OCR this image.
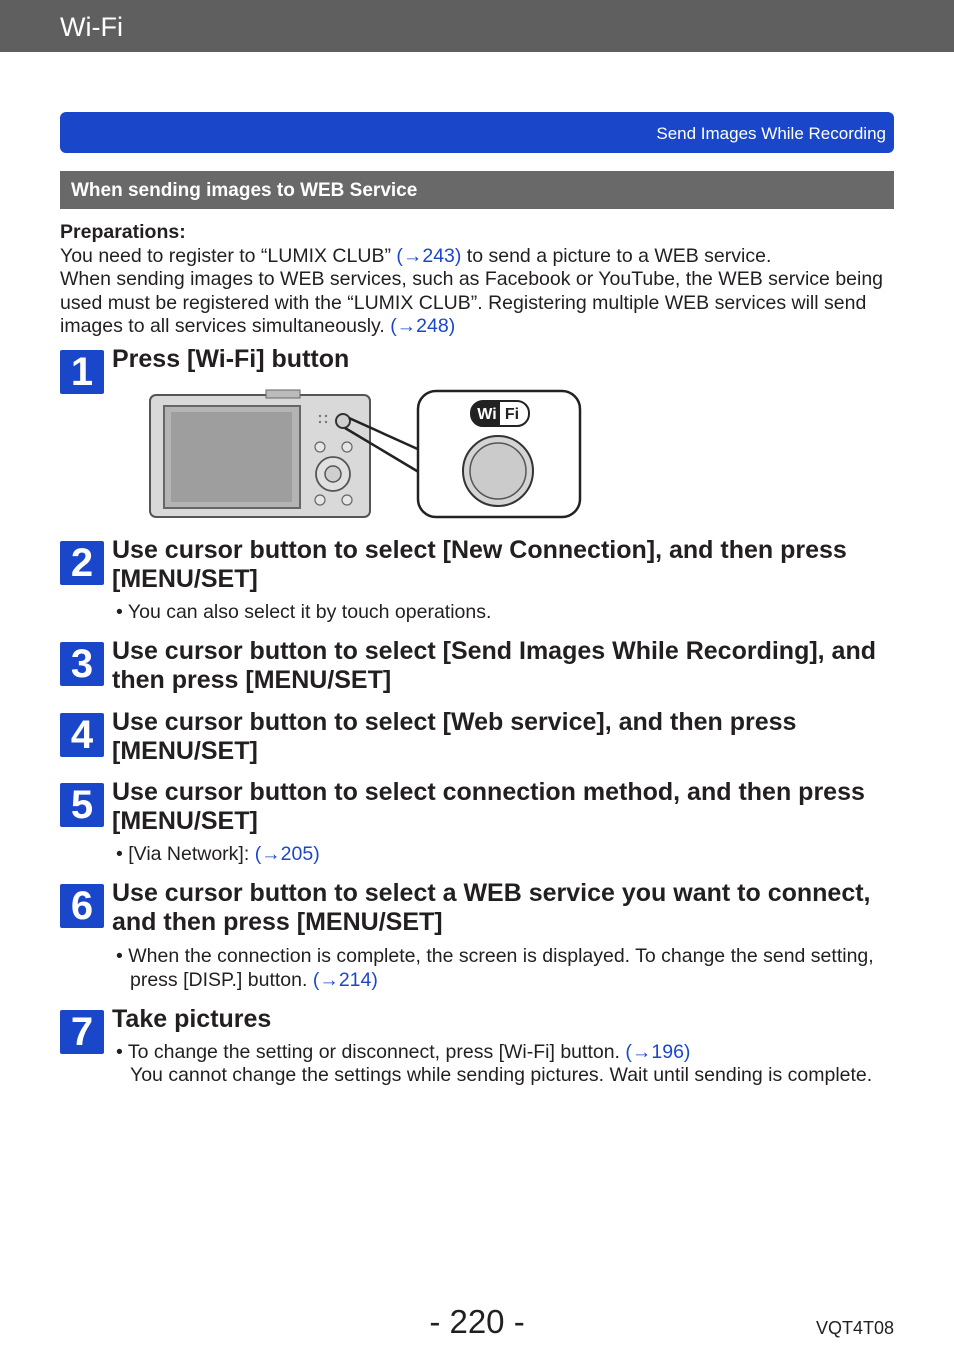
Wi-Fi
Send Images While Recording
When sending images to WEB Service
Preparations:
You need to register to “LUMIX CLUB” (→243) to send a picture to a WEB service.
When sending images to WEB services, such as Facebook or YouTube, the WEB service being used must be registered with the “LUMIX CLUB”. Registering multiple WEB services will send images to all services simultaneously. (→248)
1 Press [Wi-Fi] button
Wi Fi
2 Use cursor button to select [New Connection], and then press [MENU/SET]
• You can also select it by touch operations.
3 Use cursor button to select [Send Images While Recording], and then press [MENU/SET]
4 Use cursor button to select [Web service], and then press [MENU/SET]
5 Use cursor button to select connection method, and then press [MENU/SET]
• [Via Network]: (→205)
6 Use cursor button to select a WEB service you want to connect, and then press [MENU/SET]
• When the connection is complete, the screen is displayed. To change the send setting, press [DISP.] button. (→214)
7 Take pictures
• To change the setting or disconnect, press [Wi-Fi] button. (→196)
You cannot change the settings while sending pictures. Wait until sending is complete.
- 220 -	VQT4T08
